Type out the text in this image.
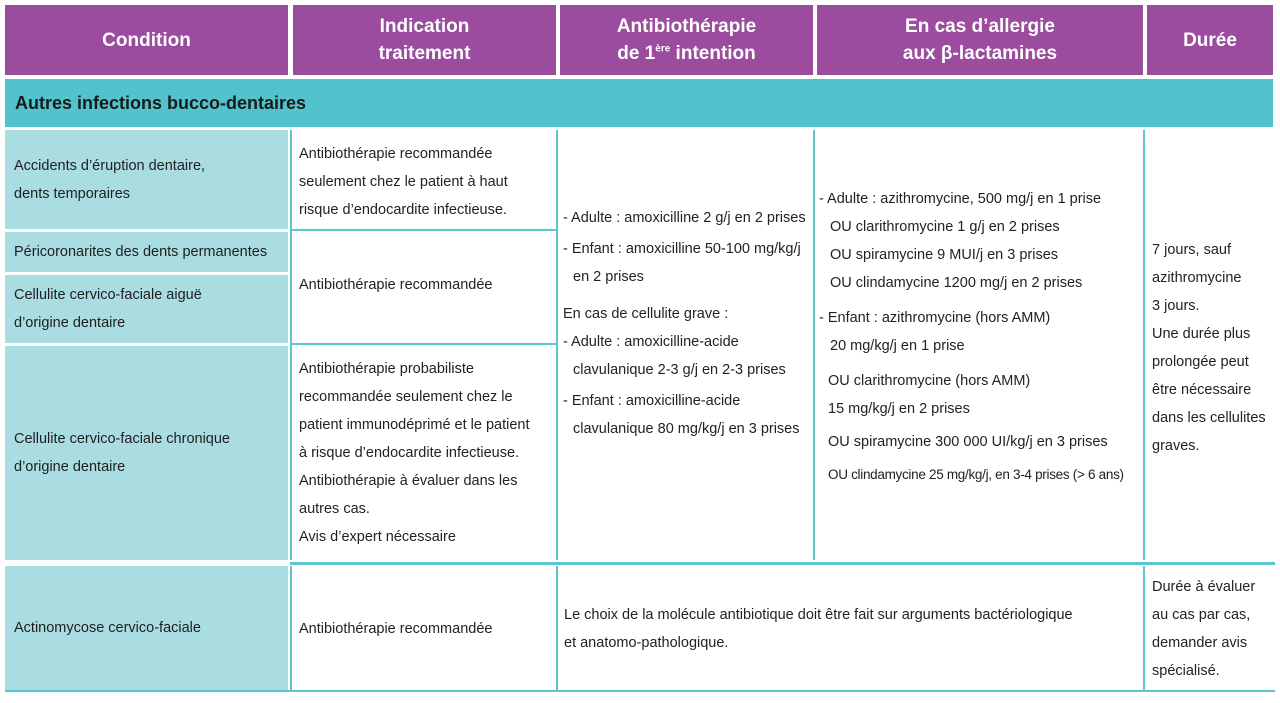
Condition
Indication
traitement
Antibiothérapie
de 1ère intention
En cas d’allergie
aux β-lactamines
Durée
Autres infections bucco-dentaires
Accidents d’éruption dentaire,
dents temporaires
Péricoronarites des dents permanentes
Cellulite cervico-faciale aiguë
d’origine dentaire
Cellulite cervico-faciale chronique
d’origine dentaire
Actinomycose cervico-faciale
Antibiothérapie recommandée
seulement chez le patient à haut
risque d’endocardite infectieuse.
Antibiothérapie recommandée
Antibiothérapie probabiliste
recommandée seulement chez le
patient immunodéprimé et le patient
à risque d’endocardite infectieuse.
Antibiothérapie à évaluer dans les
autres cas.
Avis d’expert nécessaire
Antibiothérapie recommandée
- Adulte : amoxicilline 2 g/j en 2 prises
- Enfant : amoxicilline 50-100 mg/kg/j
en 2 prises
En cas de cellulite grave :
- Adulte : amoxicilline-acide
clavulanique 2-3 g/j en 2-3 prises
- Enfant : amoxicilline-acide
clavulanique 80 mg/kg/j en 3 prises
- Adulte : azithromycine, 500 mg/j en 1 prise
OU clarithromycine 1 g/j en 2 prises
OU spiramycine 9 MUI/j en 3 prises
OU clindamycine 1200 mg/j en 2 prises
- Enfant : azithromycine (hors AMM)
20 mg/kg/j en 1 prise
OU clarithromycine (hors AMM)
15 mg/kg/j en 2 prises
OU spiramycine 300 000 UI/kg/j en 3 prises
OU clindamycine 25 mg/kg/j, en 3-4 prises (> 6 ans)
7 jours, sauf
azithromycine
3 jours.
Une durée plus
prolongée peut
être nécessaire
dans les cellulites
graves.
Le choix de la molécule antibiotique doit être fait sur arguments bactériologique
et anatomo-pathologique.
Durée à évaluer
au cas par cas,
demander avis
spécialisé.
